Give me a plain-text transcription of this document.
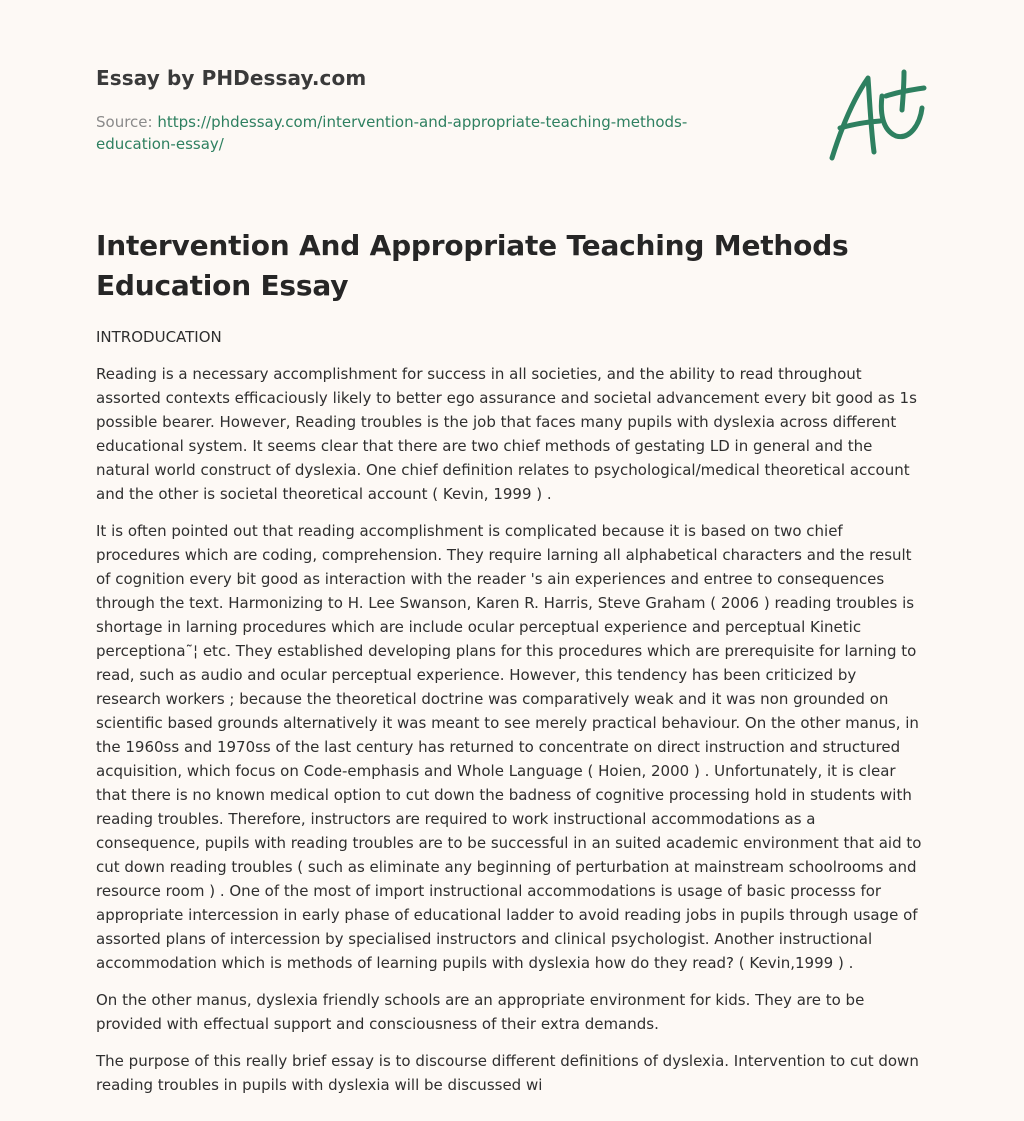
Essay by PHDessay.com
Source: https://phdessay.com/intervention-and-appropriate-teaching-methods-education-essay/
Intervention And Appropriate Teaching Methods Education Essay

INTRODUCATION

Reading is a necessary accomplishment for success in all societies, and the ability to read throughout assorted contexts efficaciously likely to better ego assurance and societal advancement every bit good as 1s possible bearer. However, Reading troubles is the job that faces many pupils with dyslexia across different educational system. It seems clear that there are two chief methods of gestating LD in general and the natural world construct of dyslexia. One chief definition relates to psychological/medical theoretical account and the other is societal theoretical account ( Kevin, 1999 ) .

It is often pointed out that reading accomplishment is complicated because it is based on two chief procedures which are coding, comprehension. They require larning all alphabetical characters and the result of cognition every bit good as interaction with the reader 's ain experiences and entree to consequences through the text. Harmonizing to H. Lee Swanson, Karen R. Harris, Steve Graham ( 2006 ) reading troubles is shortage in larning procedures which are include ocular perceptual experience and perceptual Kinetic perceptiona˜¦ etc. They established developing plans for this procedures which are prerequisite for larning to read, such as audio and ocular perceptual experience. However, this tendency has been criticized by research workers ; because the theoretical doctrine was comparatively weak and it was non grounded on scientific based grounds alternatively it was meant to see merely practical behaviour. On the other manus, in the 1960ss and 1970ss of the last century has returned to concentrate on direct instruction and structured acquisition, which focus on Code-emphasis and Whole Language ( Hoien, 2000 ) . Unfortunately, it is clear that there is no known medical option to cut down the badness of cognitive processing hold in students with reading troubles. Therefore, instructors are required to work instructional accommodations as a consequence, pupils with reading troubles are to be successful in an suited academic environment that aid to cut down reading troubles ( such as eliminate any beginning of perturbation at mainstream schoolrooms and resource room ) . One of the most of import instructional accommodations is usage of basic processs for appropriate intercession in early phase of educational ladder to avoid reading jobs in pupils through usage of assorted plans of intercession by specialised instructors and clinical psychologist. Another instructional accommodation which is methods of learning pupils with dyslexia how do they read? ( Kevin,1999 ) .

On the other manus, dyslexia friendly schools are an appropriate environment for kids. They are to be provided with effectual support and consciousness of their extra demands.

The purpose of this really brief essay is to discourse different definitions of dyslexia. Intervention to cut down reading troubles in pupils with dyslexia will be discussed wi
